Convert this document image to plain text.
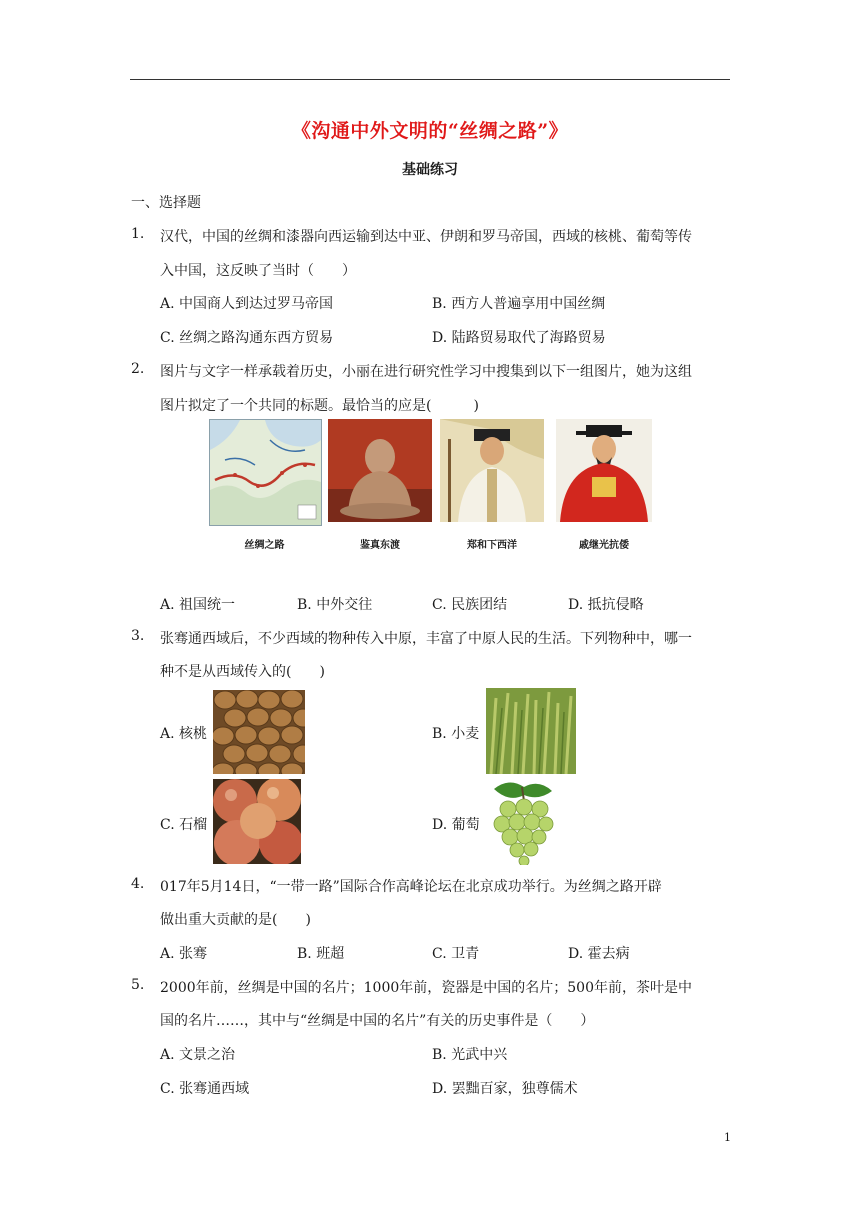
《沟通中外文明的“丝绸之路”》
基础练习
一、选择题
1. 汉代，中国的丝绸和漆器向西运输到达中亚、伊朗和罗马帝国，西域的核桃、葡萄等传
入中国，这反映了当时（　　）
A. 中国商人到达过罗马帝国	B. 西方人普遍享用中国丝绸
C. 丝绸之路沟通东西方贸易	D. 陆路贸易取代了海路贸易
2. 图片与文字一样承载着历史，小丽在进行研究性学习中搜集到以下一组图片，她为这组
图片拟定了一个共同的标题。最恰当的应是(　　　)
丝绸之路	鉴真东渡	郑和下西洋	戚继光抗倭
A. 祖国统一	B. 中外交往	C. 民族团结	D. 抵抗侵略
3. 张骞通西域后，不少西域的物种传入中原，丰富了中原人民的生活。下列物种中，哪一
种不是从西域传入的(　　)
A. 核桃	B. 小麦
C. 石榴	D. 葡萄
4. 017年5月14日，“一带一路”国际合作高峰论坛在北京成功举行。为丝绸之路开辟
做出重大贡献的是(　　)
A. 张骞	B. 班超	C. 卫青	D. 霍去病
5. 2000年前，丝绸是中国的名片；1000年前，瓷器是中国的名片；500年前，茶叶是中
国的名片……，其中与“丝绸是中国的名片”有关的历史事件是（　　）
A. 文景之治	B. 光武中兴
C. 张骞通西域	D. 罢黜百家，独尊儒术
1
